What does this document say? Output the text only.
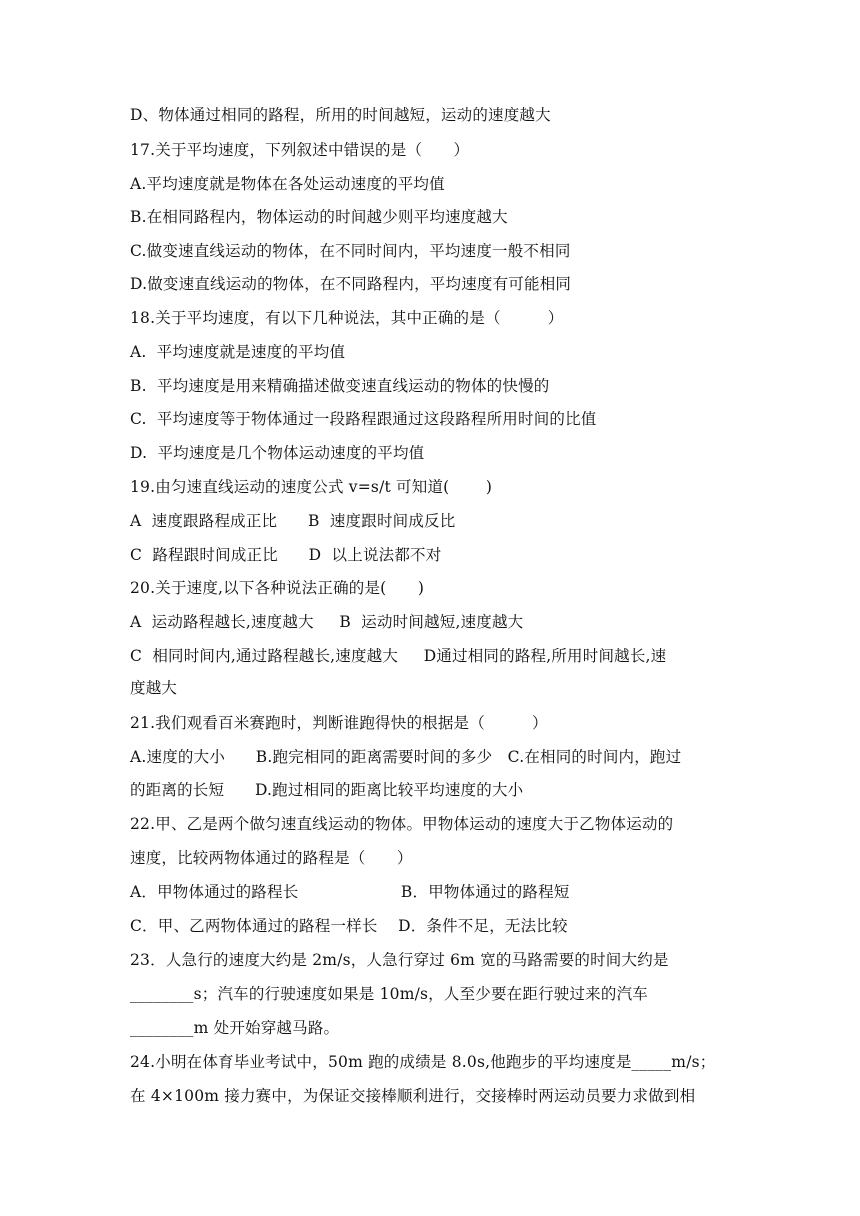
D、物体通过相同的路程，所用的时间越短，运动的速度越大
17.关于平均速度，下列叙述中错误的是（　　）
A.平均速度就是物体在各处运动速度的平均值
B.在相同路程内，物体运动的时间越少则平均速度越大
C.做变速直线运动的物体，在不同时间内，平均速度一般不相同
D.做变速直线运动的物体，在不同路程内，平均速度有可能相同
18.关于平均速度，有以下几种说法，其中正确的是（　　　）
A.  平均速度就是速度的平均值
B.  平均速度是用来精确描述做变速直线运动的物体的快慢的
C.  平均速度等于物体通过一段路程跟通过这段路程所用时间的比值
D.  平均速度是几个物体运动速度的平均值
19.由匀速直线运动的速度公式 v=s/t 可知道(　　 )
A  速度跟路程成正比      B  速度跟时间成反比
C  路程跟时间成正比      D  以上说法都不对
20.关于速度,以下各种说法正确的是(　　)
A  运动路程越长,速度越大     B  运动时间越短,速度越大
C  相同时间内,通过路程越长,速度越大     D通过相同的路程,所用时间越长,速
度越大
21.我们观看百米赛跑时，判断谁跑得快的根据是（　　　）
A.速度的大小      B.跑完相同的距离需要时间的多少   C.在相同的时间内，跑过
的距离的长短      D.跑过相同的距离比较平均速度的大小
22.甲、乙是两个做匀速直线运动的物体。甲物体运动的速度大于乙物体运动的
速度，比较两物体通过的路程是（　　）
A．甲物体通过的路程长                    B．甲物体通过的路程短
C．甲、乙两物体通过的路程一样长    D．条件不足，无法比较
23．人急行的速度大约是 2m/s，人急行穿过 6m 宽的马路需要的时间大约是
________s；汽车的行驶速度如果是 10m/s，人至少要在距行驶过来的汽车
________m 处开始穿越马路。
24.小明在体育毕业考试中，50m 跑的成绩是 8.0s,他跑步的平均速度是_____m/s；
在 4×100m 接力赛中，为保证交接棒顺利进行，交接棒时两运动员要力求做到相
